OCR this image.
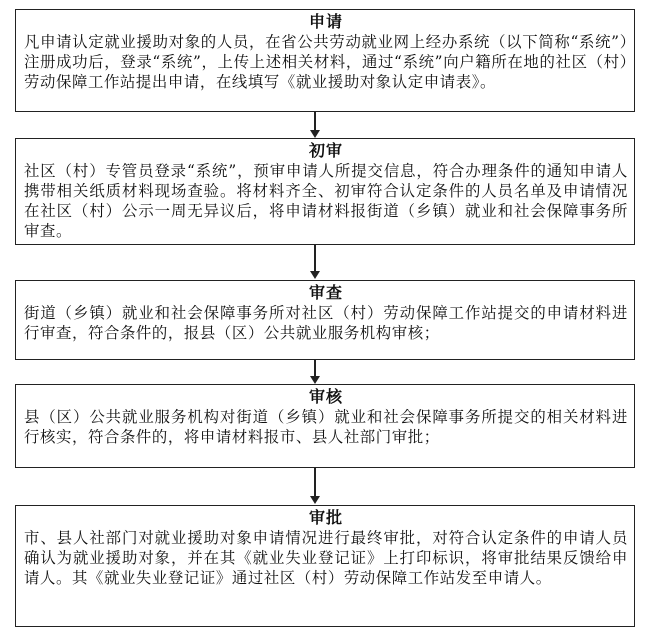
申请
凡申请认定就业援助对象的人员，在省公共劳动就业网上经办系统（以下简称“系统”）注册成功后，登录“系统”，上传上述相关材料，通过“系统”向户籍所在地的社区（村）劳动保障工作站提出申请，在线填写《就业援助对象认定申请表》。
初审
社区（村）专管员登录“系统”，预审申请人所提交信息，符合办理条件的通知申请人携带相关纸质材料现场查验。将材料齐全、初审符合认定条件的人员名单及申请情况在社区（村）公示一周无异议后，将申请材料报街道（乡镇）就业和社会保障事务所审查。
审查
街道（乡镇）就业和社会保障事务所对社区（村）劳动保障工作站提交的申请材料进行审查，符合条件的，报县（区）公共就业服务机构审核；
审核
县（区）公共就业服务机构对街道（乡镇）就业和社会保障事务所提交的相关材料进行核实，符合条件的，将申请材料报市、县人社部门审批；
审批
市、县人社部门对就业援助对象申请情况进行最终审批，对符合认定条件的申请人员确认为就业援助对象，并在其《就业失业登记证》上打印标识，将审批结果反馈给申请人。其《就业失业登记证》通过社区（村）劳动保障工作站发至申请人。
